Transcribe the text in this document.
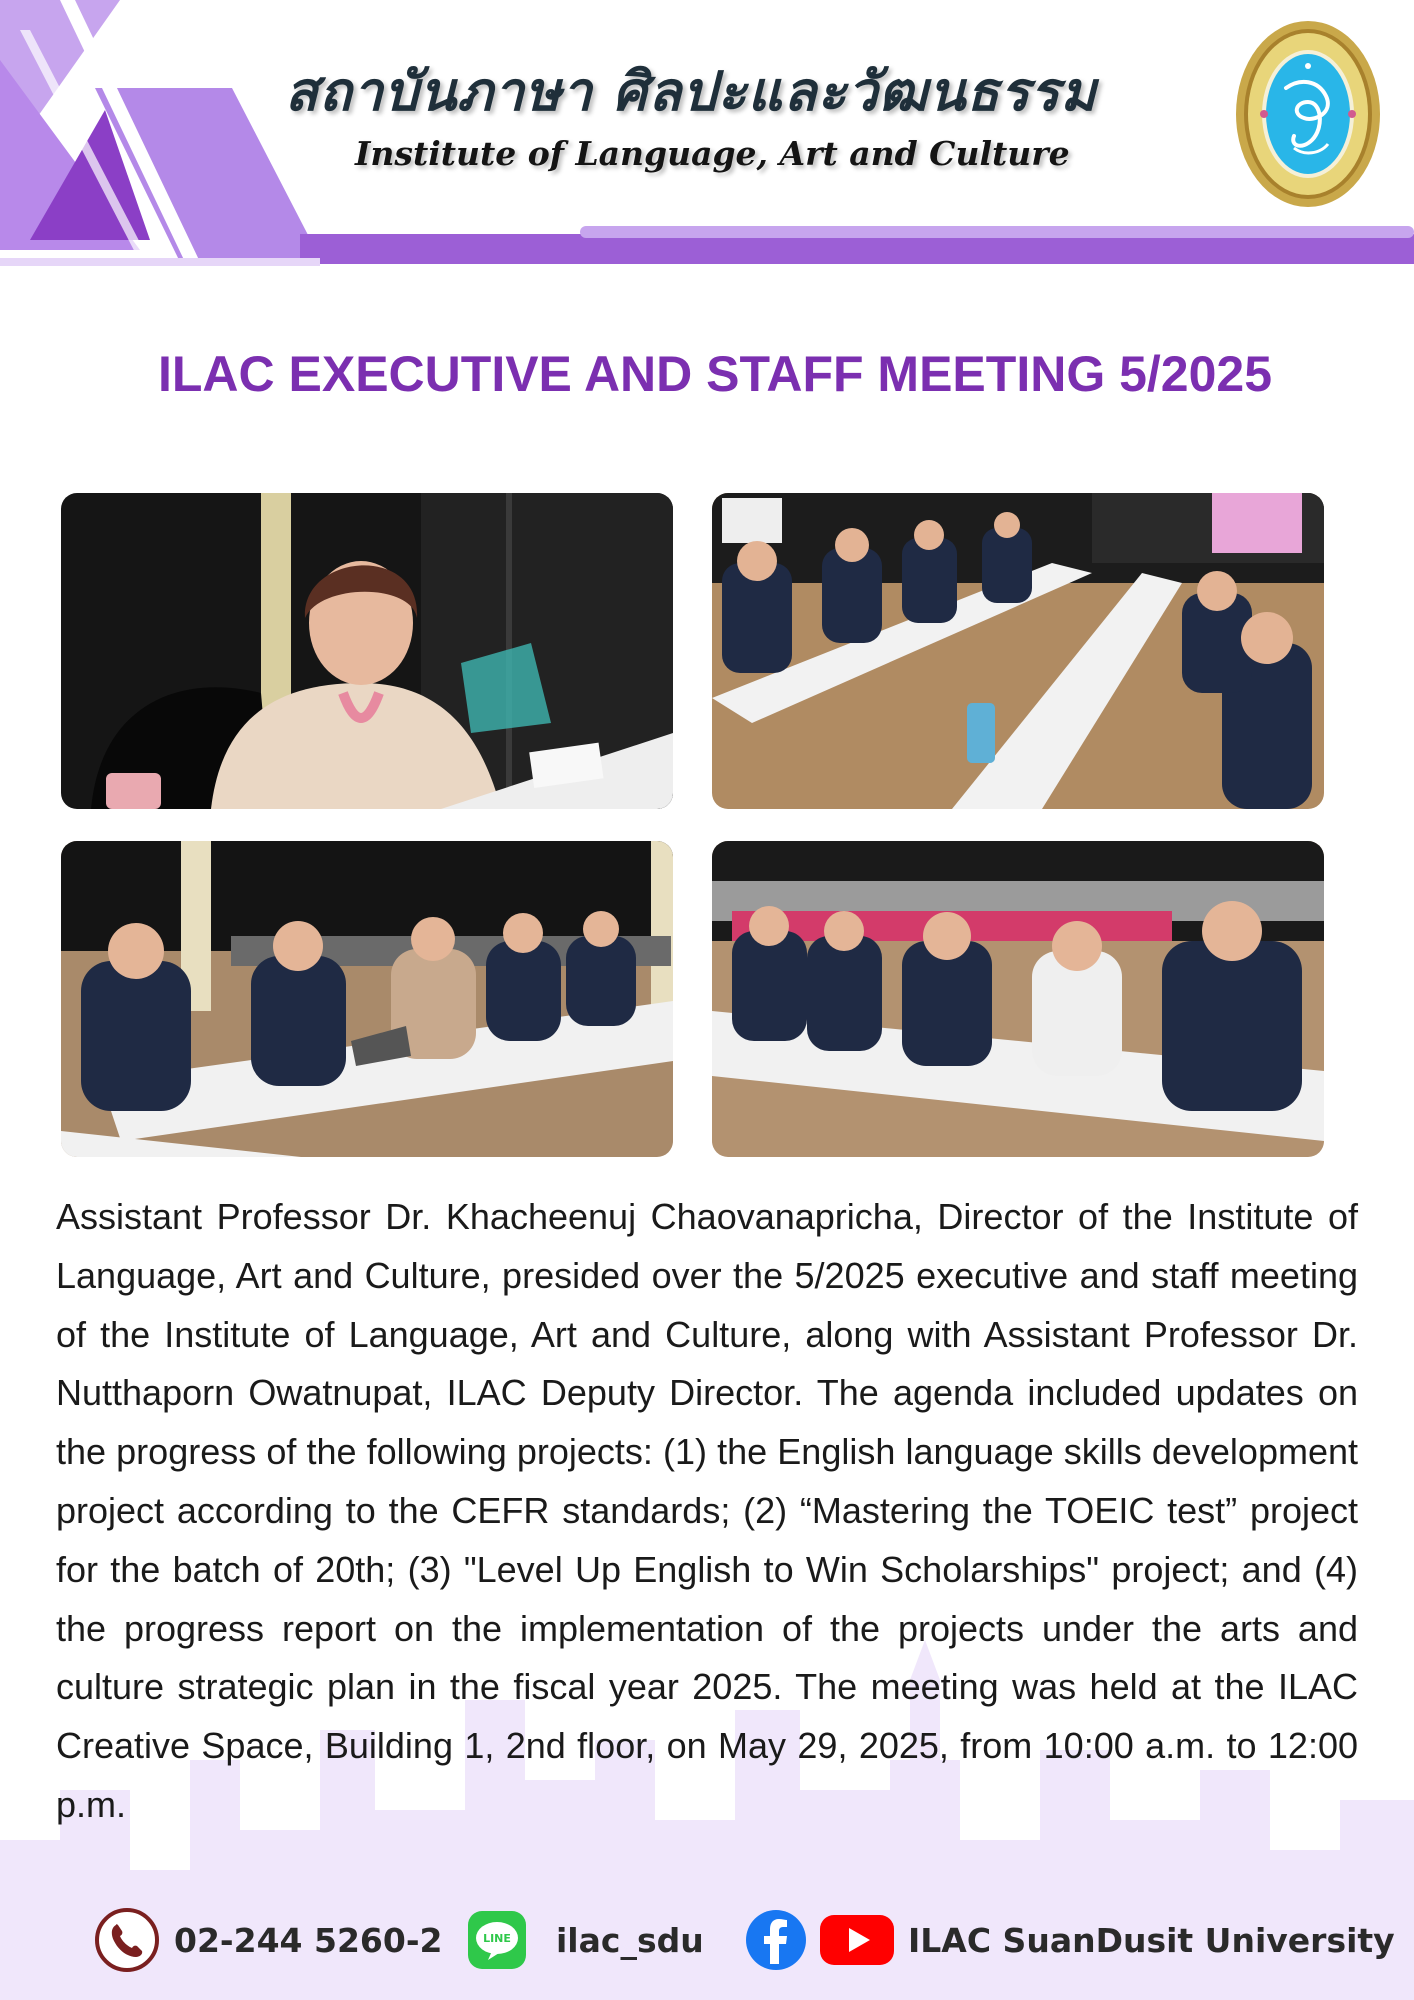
สถาบันภาษา ศิลปะและวัฒนธรรม
Institute of Language, Art and Culture
ILAC EXECUTIVE AND STAFF MEETING 5/2025

Assistant Professor Dr. Khacheenuj Chaovanapricha, Director of the Institute of Language, Art and Culture, presided over the 5/2025 executive and staff meeting of the Institute of Language, Art and Culture, along with Assistant Professor Dr. Nutthaporn Owatnupat, ILAC Deputy Director. The agenda included updates on the progress of the following projects: (1) the English language skills development project according to the CEFR standards; (2) “Mastering the TOEIC test” project for the batch of 20th; (3) "Level Up English to Win Scholarships" project; and (4) the progress report on the implementation of the projects under the arts and culture strategic plan in the fiscal year 2025. The meeting was held at the ILAC Creative Space, Building 1, 2nd floor, on May 29, 2025, from 10:00 a.m. to 12:00 p.m.

02-244 5260-2	LINE ilac_sdu	ILAC SuanDusit University
